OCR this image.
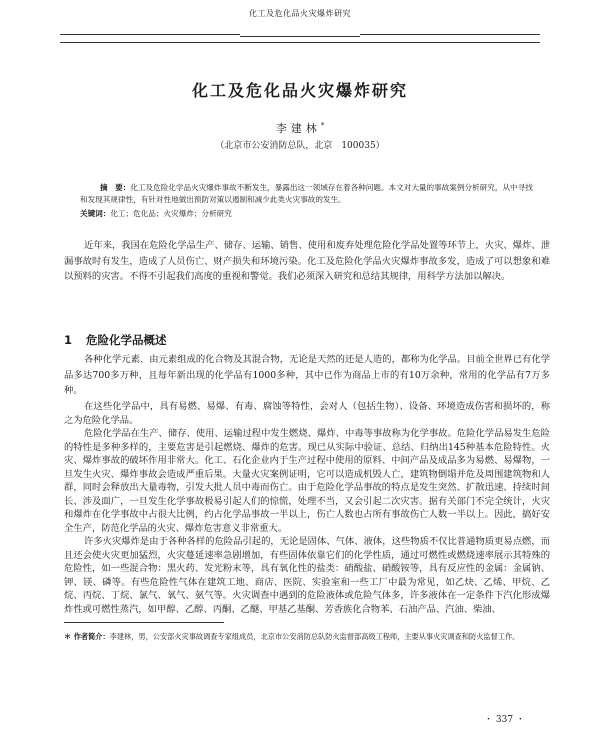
化工及危化品火灾爆炸研究
化工及危化品火灾爆炸研究
李建林*
（北京市公安消防总队，北京　100035）
摘　要：化工及危险化学品火灾爆炸事故不断发生，暴露出这一领域存在着各种问题。本文对大量的事故案例分析研究，从中寻找和发现其规律性，有针对性地做出预防对策以遏制和减少此类火灾事故的发生。
关键词：化工；危化品；火灾爆炸；分析研究

近年来，我国在危险化学品生产、储存、运输、销售、使用和废弃处理危险化学品处置等环节上，火灾、爆炸、泄漏事故时有发生，造成了人员伤亡、财产损失和环境污染。化工及危险化学品火灾爆炸事故多发，造成了可以想象和难以预料的灾害。不得不引起我们高度的重视和警觉。我们必须深入研究和总结其规律，用科学方法加以解决。

1 危险化学品概述

各种化学元素、由元素组成的化合物及其混合物，无论是天然的还是人造的，都称为化学品。目前全世界已有化学品多达700多万种，且每年新出现的化学品有1000多种，其中已作为商品上市的有10万余种，常用的化学品有7万多种。

在这些化学品中，具有易燃、易爆、有毒、腐蚀等特性，会对人（包括生物）、设备、环境造成伤害和损坏的，称之为危险化学品。

危险化学品在生产、储存、使用、运输过程中发生燃烧、爆炸、中毒等事故称为化学事故。危险化学品易发生危险的特性是多种多样的，主要危害是引起燃烧、爆炸的危害。现已从实际中验证、总结、归纳出145种基本危险特性。火灾、爆炸事故的破坏作用非常大。化工、石化企业内于生产过程中使用的原料、中间产品及成品多为易燃、易爆物，一旦发生火灾、爆炸事故会造成严重后果。大量火灾案例证明，它可以造成机毁人亡，建筑物倒塌并危及周围建筑物和人群，同时会释放出大量毒物，引发大批人员中毒而伤亡。由于危险化学品事故的特点是发生突然、扩散迅速、持续时间长、涉及面广，一旦发生化学事故极易引起人们的惊慌，处理不当，又会引起二次灾害。据有关部门不完全统计，火灾和爆炸在化学事故中占很大比例，约占化学品事故一半以上，伤亡人数也占所有事故伤亡人数一半以上。因此，搞好安全生产，防范化学品的火灾、爆炸危害意义非常重大。

许多火灾爆炸是由于各种各样的危险品引起的，无论是固体、气体、液体，这些物质不仅比普通物质更易点燃，而且还会使火灾更加猛烈，火灾蔓延速率急剧增加，有些固体依靠它们的化学性质，通过可燃性或燃烧速率展示其特殊的危险性，如一些混合物：黑火药、发光粉末等，具有氧化性的盐类：硝酸盐、硝酸铵等，具有反应性的金属：金属钠、钾、镁、磷等。有些危险性气体在建筑工地、商店、医院、实验室和一些工厂中最为常见，如乙炔、乙烯、甲烷、乙烷、丙烷、丁烷、氯气、氧气、氨气等。火灾调查中遇到的危险液体或危险气体多，许多液体在一定条件下汽化形成爆炸性或可燃性蒸汽，如甲醇、乙醇、丙酮、乙醚、甲基乙基酮、芳香族化合物苯、石油产品、汽油、柴油、

＊ 作者简介：李建林，男，公安部火灾事故调查专家组成员，北京市公安消防总队防火监督部高级工程师，主要从事火灾调查和防火监督工作。
・ 337 ・
